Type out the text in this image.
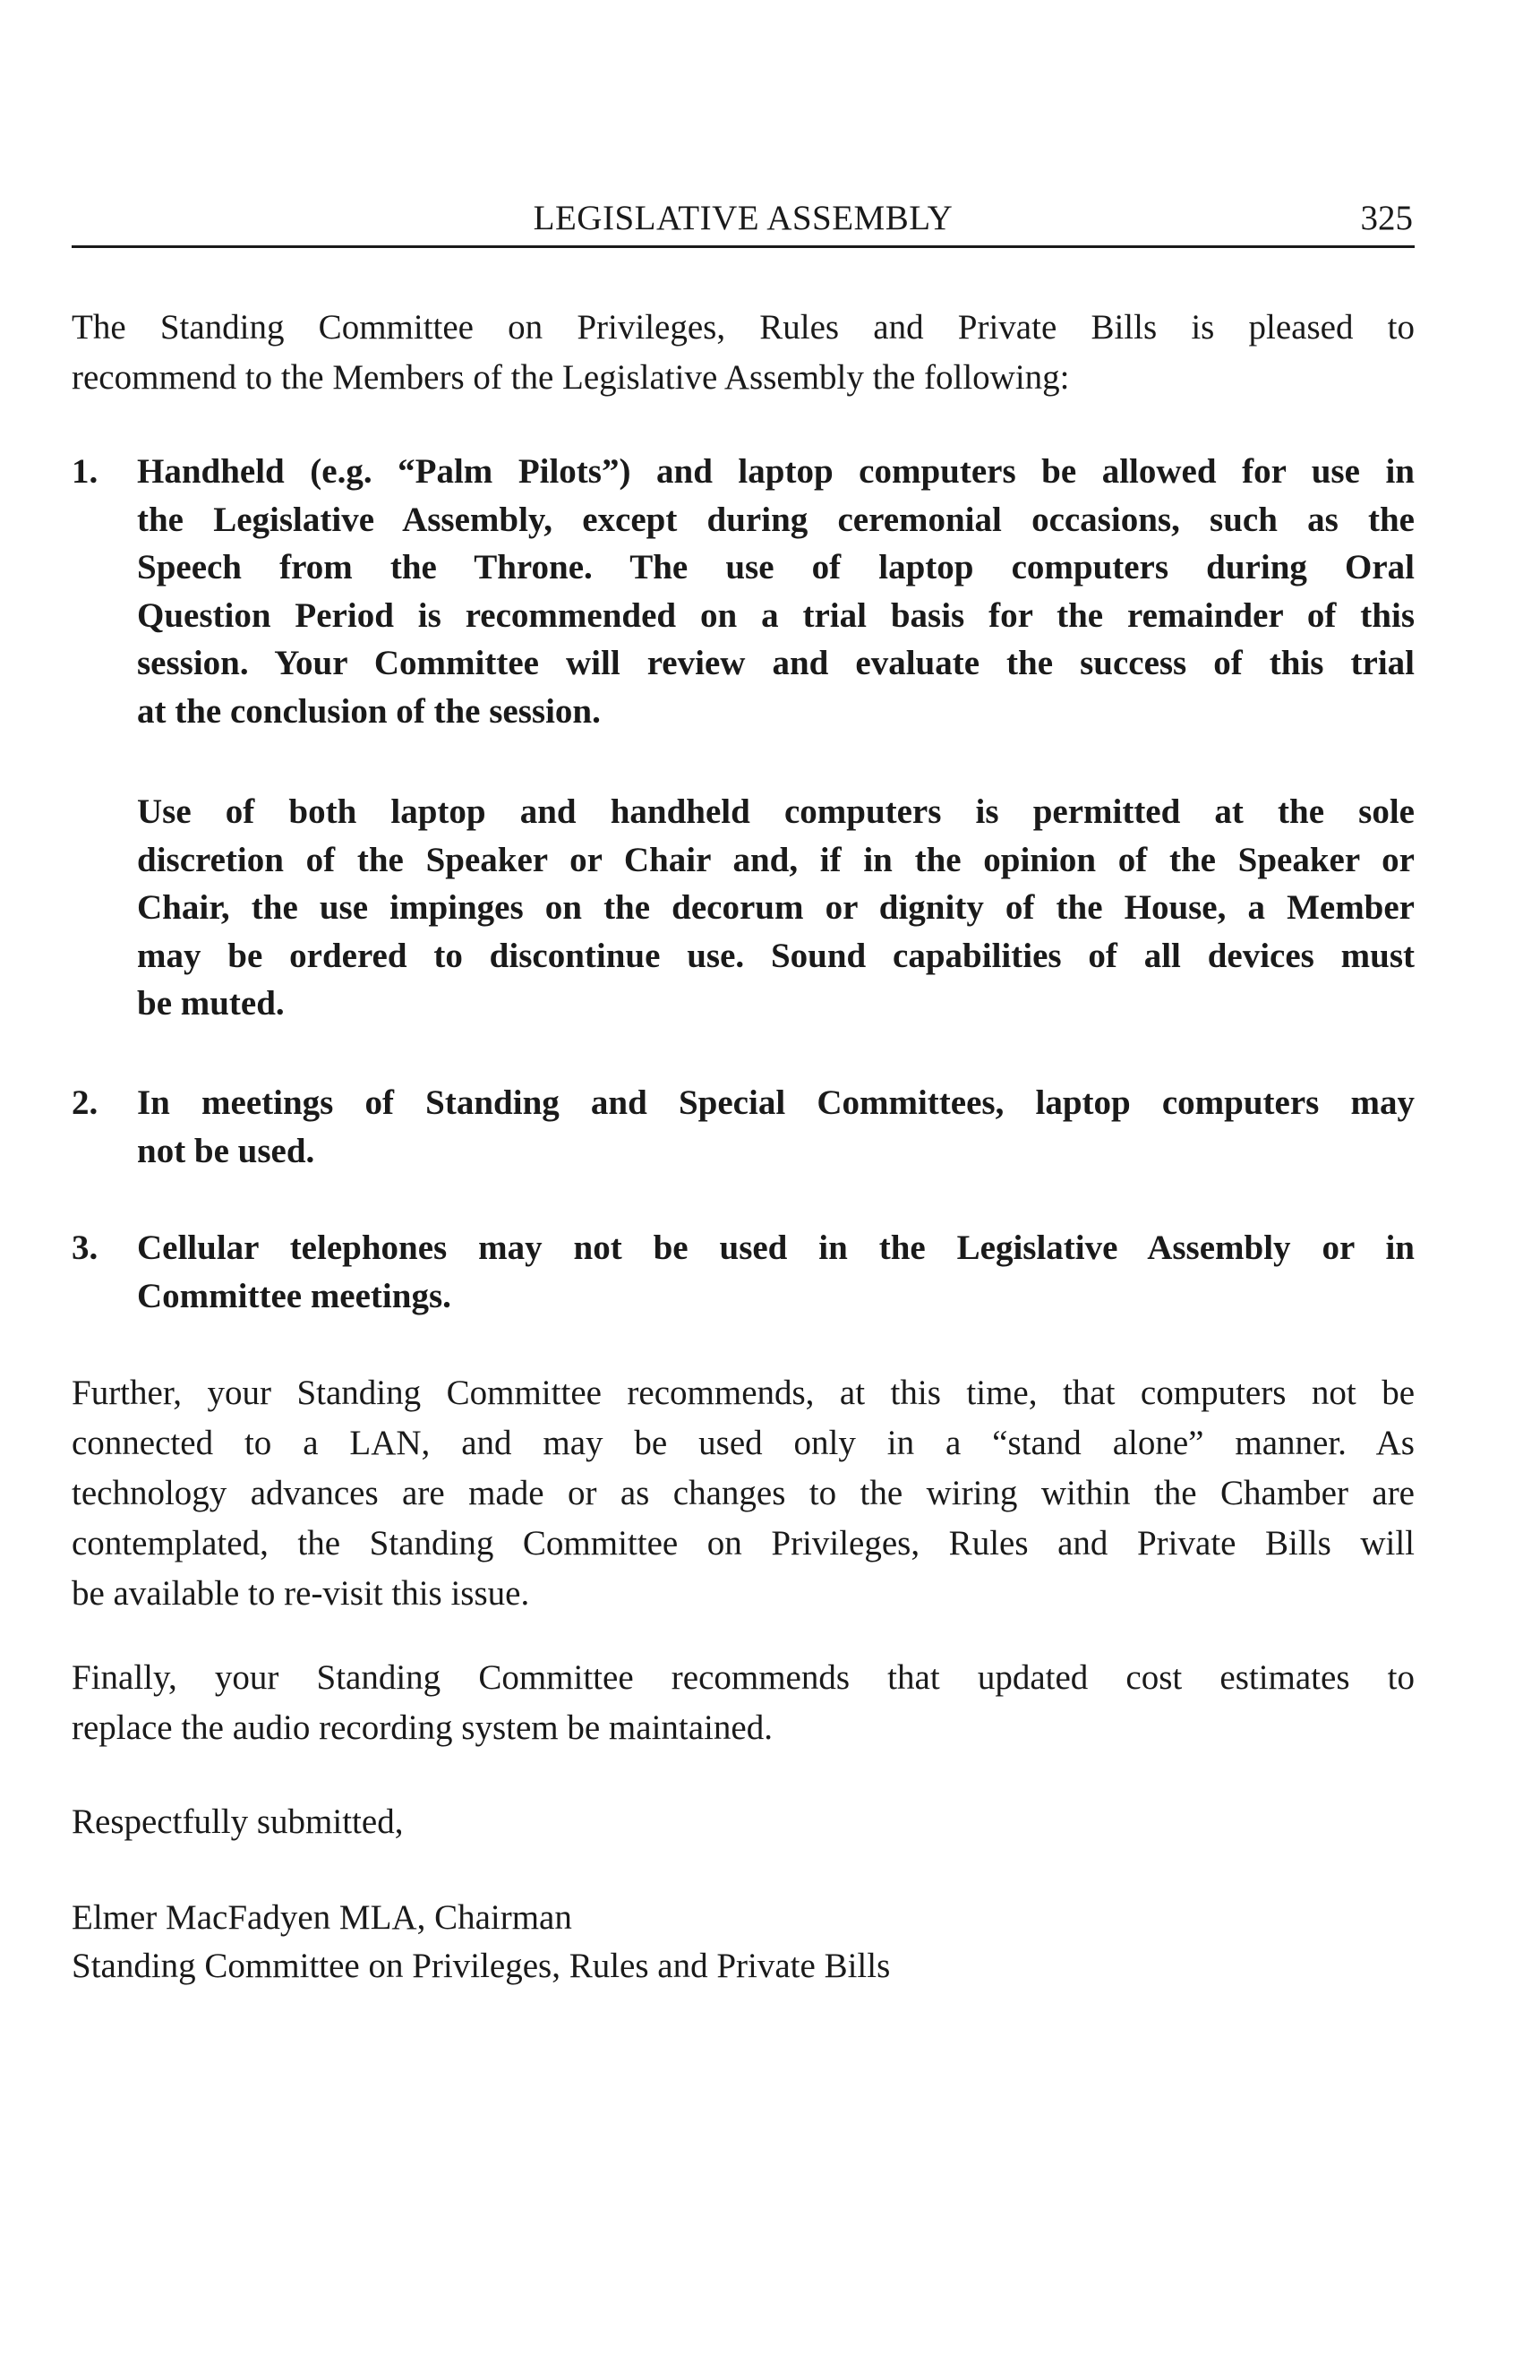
LEGISLATIVE ASSEMBLY	325

The Standing Committee on Privileges, Rules and Private Bills is pleased to
recommend to the Members of the Legislative Assembly the following:

1.	Handheld (e.g. “Palm Pilots”) and laptop computers be allowed for use in
the Legislative Assembly, except during ceremonial occasions, such as the
Speech from the Throne. The use of laptop computers during Oral
Question Period is recommended on a trial basis for the remainder of this
session. Your Committee will review and evaluate the success of this trial
at the conclusion of the session.
Use of both laptop and handheld computers is permitted at the sole
discretion of the Speaker or Chair and, if in the opinion of the Speaker or
Chair, the use impinges on the decorum or dignity of the House, a Member
may be ordered to discontinue use. Sound capabilities of all devices must
be muted.
2.	In meetings of Standing and Special Committees, laptop computers may
not be used.
3.	Cellular telephones may not be used in the Legislative Assembly or in
Committee meetings.

Further, your Standing Committee recommends, at this time, that computers not be
connected to a LAN, and may be used only in a “stand alone” manner. As
technology advances are made or as changes to the wiring within the Chamber are
contemplated, the Standing Committee on Privileges, Rules and Private Bills will
be available to re-visit this issue.

Finally, your Standing Committee recommends that updated cost estimates to
replace the audio recording system be maintained.

Respectfully submitted,
Elmer MacFadyen MLA, Chairman
Standing Committee on Privileges, Rules and Private Bills
